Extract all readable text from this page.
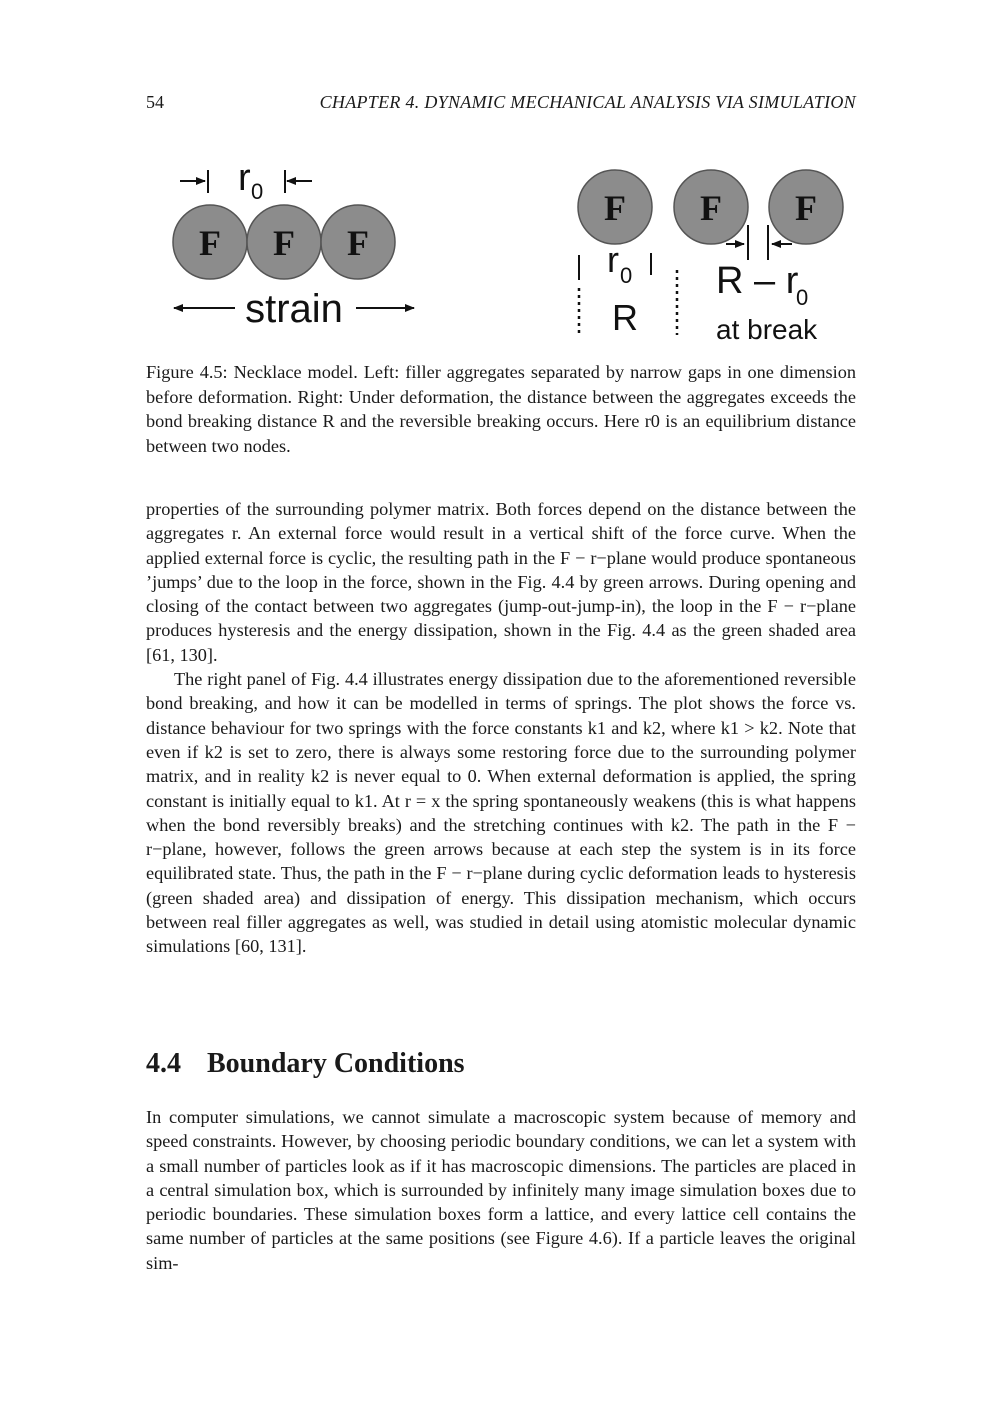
54	CHAPTER 4. DYNAMIC MECHANICAL ANALYSIS VIA SIMULATION
r 0
F F F
strain
F F F
r 0
R
R – r
0
at break
Figure 4.5: Necklace model. Left: filler aggregates separated by narrow gaps in one dimension before deformation. Right: Under deformation, the distance between the aggregates exceeds the bond breaking distance R and the reversible breaking occurs. Here r0 is an equilibrium distance between two nodes.

properties of the surrounding polymer matrix. Both forces depend on the distance between the aggregates r. An external force would result in a vertical shift of the force curve. When the applied external force is cyclic, the resulting path in the F − r−plane would produce spontaneous ’jumps’ due to the loop in the force, shown in the Fig. 4.4 by green arrows. During opening and closing of the contact between two aggregates (jump-out-jump-in), the loop in the F − r−plane produces hysteresis and the energy dissipation, shown in the Fig. 4.4 as the green shaded area [61, 130].

The right panel of Fig. 4.4 illustrates energy dissipation due to the aforementioned reversible bond breaking, and how it can be modelled in terms of springs. The plot shows the force vs. distance behaviour for two springs with the force constants k1 and k2, where k1 > k2. Note that even if k2 is set to zero, there is always some restoring force due to the surrounding polymer matrix, and in reality k2 is never equal to 0. When external deformation is applied, the spring constant is initially equal to k1. At r = x the spring spontaneously weakens (this is what happens when the bond reversibly breaks) and the stretching continues with k2. The path in the F − r−plane, however, follows the green arrows because at each step the system is in its force equilibrated state. Thus, the path in the F − r−plane during cyclic deformation leads to hysteresis (green shaded area) and dissipation of energy. This dissipation mechanism, which occurs between real filler aggregates as well, was studied in detail using atomistic molecular dynamic simulations [60, 131].

4.4 Boundary Conditions

In computer simulations, we cannot simulate a macroscopic system because of memory and speed constraints. However, by choosing periodic boundary conditions, we can let a system with a small number of particles look as if it has macroscopic dimensions. The particles are placed in a central simulation box, which is surrounded by infinitely many image simulation boxes due to periodic boundaries. These simulation boxes form a lattice, and every lattice cell contains the same number of particles at the same positions (see Figure 4.6). If a particle leaves the original sim-
